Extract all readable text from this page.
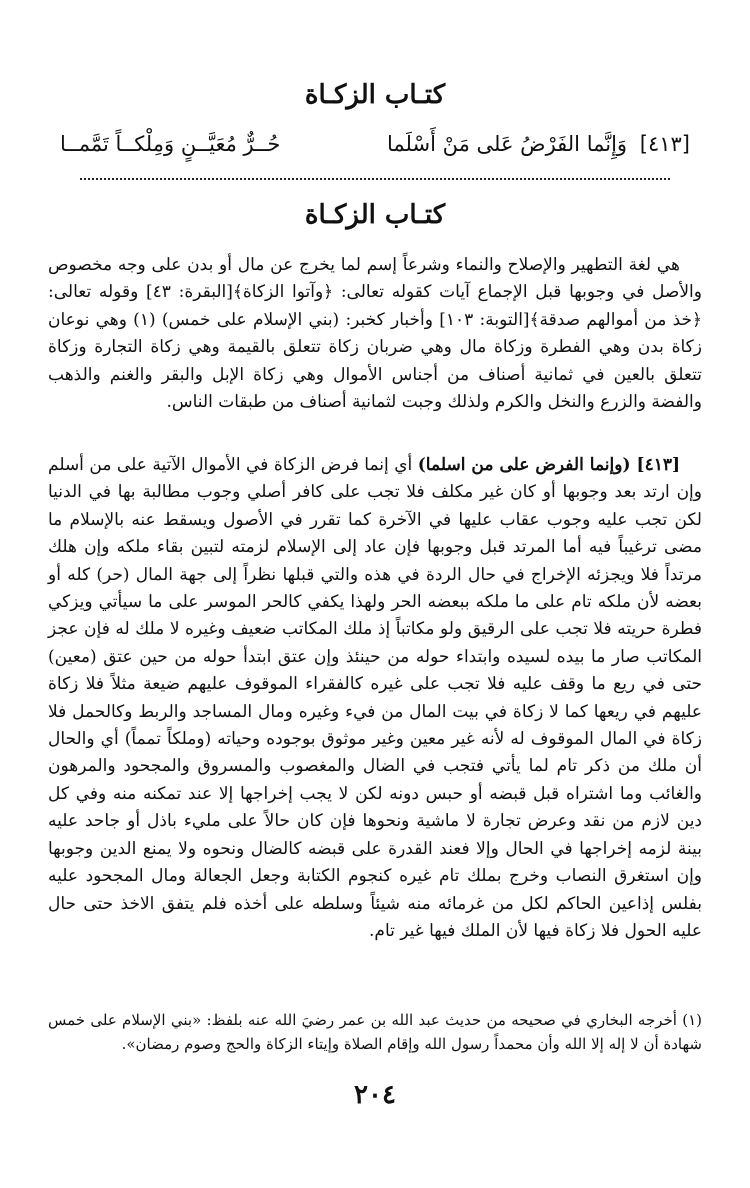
كتـاب الزكـاة
[٤١٣] وَإِنَّما الفَرْضُ عَلى مَنْ أَسْلَما
حُــرٌّ مُعَيَّــنٍ وَمِلْكــاً تَمَّمــا
كتـاب الزكـاة
هي لغة التطهير والإصلاح والنماء وشرعاً إسم لما يخرج عن مال أو بدن على وجه مخصوص والأصل في وجوبها قبل الإجماع آيات كقوله تعالى: ﴿وآتوا الزكاة﴾[البقرة: ٤٣] وقوله تعالى: ﴿خذ من أموالهم صدقة﴾[التوبة: ١٠٣] وأخبار كخبر: (بني الإسلام على خمس) (١) وهي نوعان زكاة بدن وهي الفطرة وزكاة مال وهي ضربان زكاة تتعلق بالقيمة وهي زكاة التجارة وزكاة تتعلق بالعين في ثمانية أصناف من أجناس الأموال وهي زكاة الإبل والبقر والغنم والذهب والفضة والزرع والنخل والكرم ولذلك وجبت لثمانية أصناف من طبقات الناس.
[٤١٣] (وإنما الفرض على من اسلما) أي إنما فرض الزكاة في الأموال الآتية على من أسلم وإن ارتد بعد وجوبها أو كان غير مكلف فلا تجب على كافر أصلي وجوب مطالبة بها في الدنيا لكن تجب عليه وجوب عقاب عليها في الآخرة كما تقرر في الأصول ويسقط عنه بالإسلام ما مضى ترغيباً فيه أما المرتد قبل وجوبها فإن عاد إلى الإسلام لزمته لتبين بقاء ملكه وإن هلك مرتداً فلا ويجزئه الإخراج في حال الردة في هذه والتي قبلها نظراً إلى جهة المال (حر) كله أو بعضه لأن ملكه تام على ما ملكه ببعضه الحر ولهذا يكفي كالحر الموسر على ما سيأتي ويزكي فطرة حريته فلا تجب على الرقيق ولو مكاتباً إذ ملك المكاتب ضعيف وغيره لا ملك له فإن عجز المكاتب صار ما بيده لسيده وابتداء حوله من حينئذ وإن عتق ابتدأ حوله من حين عتق (معين) حتى في ريع ما وقف عليه فلا تجب على غيره كالفقراء الموقوف عليهم ضيعة مثلاً فلا زكاة عليهم في ريعها كما لا زكاة في بيت المال من فيء وغيره ومال المساجد والربط وكالحمل فلا زكاة في المال الموقوف له لأنه غير معين وغير موثوق بوجوده وحياته (وملكاً تمماً) أي والحال أن ملك من ذكر تام لما يأتي فتجب في الضال والمغصوب والمسروق والمجحود والمرهون والغائب وما اشتراه قبل قبضه أو حبس دونه لكن لا يجب إخراجها إلا عند تمكنه منه وفي كل دين لازم من نقد وعرض تجارة لا ماشية ونحوها فإن كان حالاً على مليء باذل أو جاحد عليه بينة لزمه إخراجها في الحال وإلا فعند القدرة على قبضه كالضال ونحوه ولا يمنع الدين وجوبها وإن استغرق النصاب وخرج بملك تام غيره كنجوم الكتابة وجعل الجعالة ومال المجحود عليه بفلس إذاعين الحاكم لكل من غرمائه منه شيئاً وسلطه على أخذه فلم يتفق الاخذ حتى حال عليه الحول فلا زكاة فيها لأن الملك فيها غير تام.
(١) أخرجه البخاري في صحيحه من حديث عبد الله بن عمر رضيَ الله عنه بلفظ: «بني الإسلام على خمس شهادة أن لا إله إلا الله وأن محمداً رسول الله وإقام الصلاة وإيتاء الزكاة والحج وصوم رمضان».
٢٠٤
